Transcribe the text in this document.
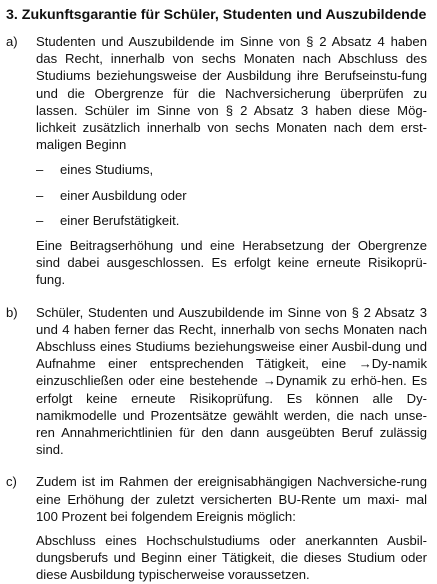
3. Zukunftsgarantie für Schüler, Studenten und Auszubildende
a)	Studenten und Auszubildende im Sinne von § 2 Absatz 4 haben das Recht, innerhalb von sechs Monaten nach Abschluss des Studiums beziehungsweise der Ausbildung ihre Berufseinstu-fung und die Obergrenze für die Nachversicherung überprüfen zu lassen. Schüler im Sinne von § 2 Absatz 3 haben diese Mög-lichkeit zusätzlich innerhalb von sechs Monaten nach dem erst-maligen Beginn

–	eines Studiums,
–	einer Ausbildung oder
–	einer Berufstätigkeit.

Eine Beitragserhöhung und eine Herabsetzung der Obergrenze sind dabei ausgeschlossen. Es erfolgt keine erneute Risikoprü-fung.

b)	Schüler, Studenten und Auszubildende im Sinne von § 2 Absatz 3 und 4 haben ferner das Recht, innerhalb von sechs Monaten nach Abschluss eines Studiums beziehungsweise einer Ausbil-dung und Aufnahme einer entsprechenden Tätigkeit, eine →Dy-namik einzuschließen oder eine bestehende →Dynamik zu erhö-hen. Es erfolgt keine erneute Risikoprüfung. Es können alle Dy-namikmodelle und Prozentsätze gewählt werden, die nach unse-ren Annahmerichtlinien für den dann ausgeübten Beruf zulässig sind.

c)	Zudem ist im Rahmen der ereignisabhängigen Nachversiche-rung eine Erhöhung der zuletzt versicherten BU-Rente um maxi- mal 100 Prozent bei folgendem Ereignis möglich:

Abschluss eines Hochschulstudiums oder anerkannten Ausbil-dungsberufs und Beginn einer Tätigkeit, die dieses Studium oder diese Ausbildung typischerweise voraussetzen.
